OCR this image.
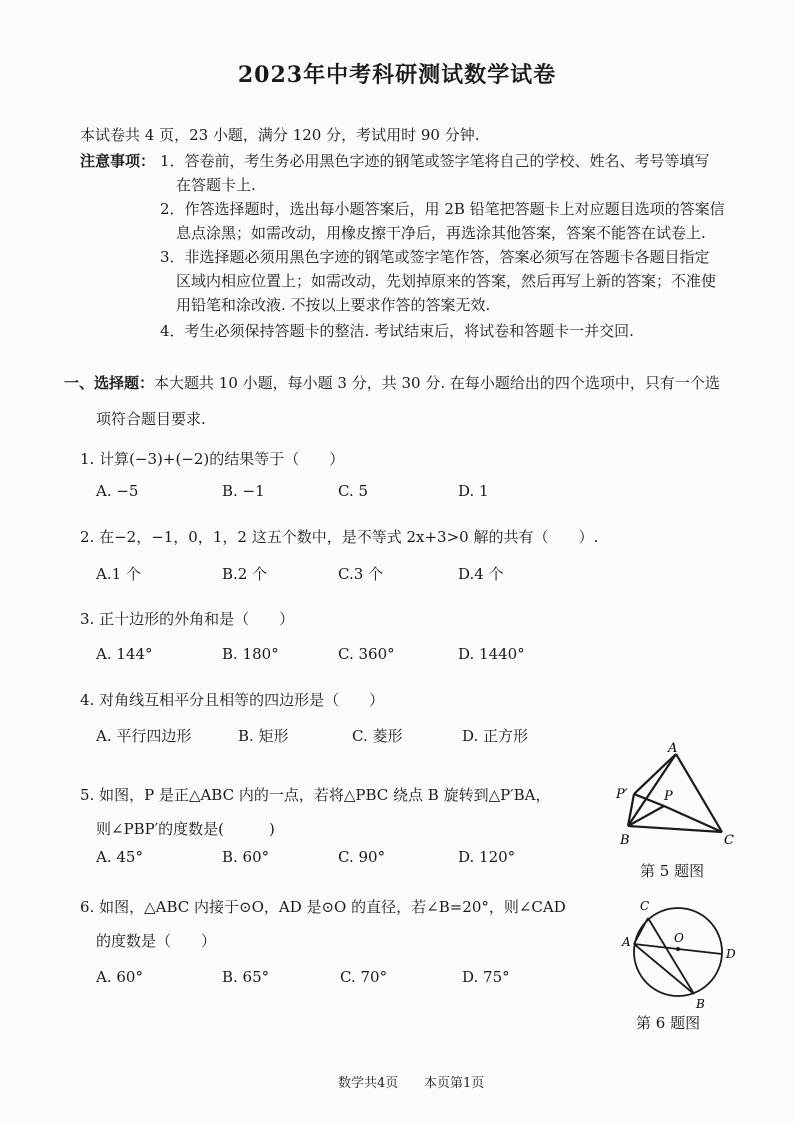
2023年中考科研测试数学试卷
本试卷共 4 页，23 小题，满分 120 分，考试用时 90 分钟.
注意事项： 1．答卷前，考生务必用黑色字迹的钢笔或签字笔将自己的学校、姓名、考号等填写
在答题卡上.
2．作答选择题时，选出每小题答案后，用 2B 铅笔把答题卡上对应题目选项的答案信
息点涂黑；如需改动，用橡皮擦干净后，再选涂其他答案，答案不能答在试卷上.
3．非选择题必须用黑色字迹的钢笔或签字笔作答，答案必须写在答题卡各题目指定
区域内相应位置上；如需改动，先划掉原来的答案，然后再写上新的答案；不准使
用铅笔和涂改液. 不按以上要求作答的答案无效.
4．考生必须保持答题卡的整洁. 考试结束后，将试卷和答题卡一并交回.
一、选择题：本大题共 10 小题，每小题 3 分，共 30 分. 在每小题给出的四个选项中，只有一个选
项符合题目要求.
1. 计算(−3)+(−2)的结果等于（　　）
A. −5	B. −1	C. 5	D. 1
2. 在−2，−1，0，1，2 这五个数中，是不等式 2x+3>0 解的共有（　　）.
A.1 个	B.2 个	C.3 个	D.4 个
3. 正十边形的外角和是（　　）
A. 144°	B. 180°	C. 360°	D. 1440°
4. 对角线互相平分且相等的四边形是（　　）
A. 平行四边形	B. 矩形	C. 菱形	D. 正方形
5. 如图，P 是正△ABC 内的一点，若将△PBC 绕点 B 旋转到△P′BA，
则∠PBP′的度数是(　　　)
A. 45°	B. 60°	C. 90°	D. 120°
6. 如图，△ABC 内接于⊙O，AD 是⊙O 的直径，若∠B=20°，则∠CAD
的度数是（　　）
A. 60°	B. 65°	C. 70°	D. 75°
A
P′	P
B	C
第 5 题图
C
A	O
D
B
第 6 题图
数学共4页 本页第1页
